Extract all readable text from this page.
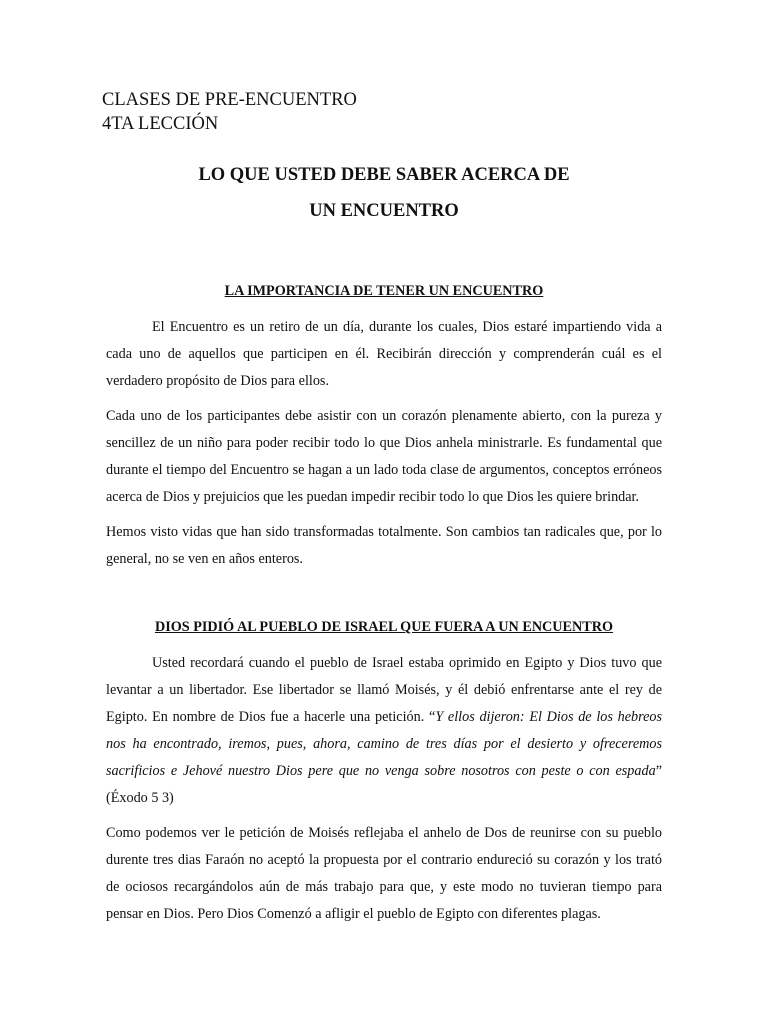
CLASES DE PRE-ENCUENTRO
4TA LECCIÓN
LO QUE USTED DEBE SABER ACERCA DE
UN ENCUENTRO
LA IMPORTANCIA DE TENER UN ENCUENTRO

El Encuentro es un retiro de un día, durante los cuales, Dios estaré impartiendo vida a cada uno de aquellos que participen en él. Recibirán dirección y comprenderán cuál es el verdadero propósito de Dios para ellos.

Cada uno de los participantes debe asistir con un corazón plenamente abierto, con la pureza y sencillez de un niño para poder recibir todo lo que Dios anhela ministrarle. Es fundamental que durante el tiempo del Encuentro se hagan a un lado toda clase de argumentos, conceptos erróneos acerca de Dios y prejuicios que les puedan impedir recibir todo lo que Dios les quiere brindar.

Hemos visto vidas que han sido transformadas totalmente. Son cambios tan radicales que, por lo general, no se ven en años enteros.

DIOS PIDIÓ AL PUEBLO DE ISRAEL QUE FUERA A UN ENCUENTRO

Usted recordará cuando el pueblo de Israel estaba oprimido en Egipto y Dios tuvo que levantar a un libertador. Ese libertador se llamó Moisés, y él debió enfrentarse ante el rey de Egipto. En nombre de Dios fue a hacerle una petición. “Y ellos dijeron: El Dios de los hebreos nos ha encontrado, iremos, pues, ahora, camino de tres días por el desierto y ofreceremos sacrificios e Jehové nuestro Dios pere que no venga sobre nosotros con peste o con espada” (Éxodo 5 3)

Como podemos ver le petición de Moisés reflejaba el anhelo de Dos de reunirse con su pueblo durente tres dias Faraón no aceptó la propuesta por el contrario endureció su corazón y los trató de ociosos recargándolos aún de más trabajo para que, y este modo no tuvieran tiempo para pensar en Dios. Pero Dios Comenzó a afligir el pueblo de Egipto con diferentes plagas.
